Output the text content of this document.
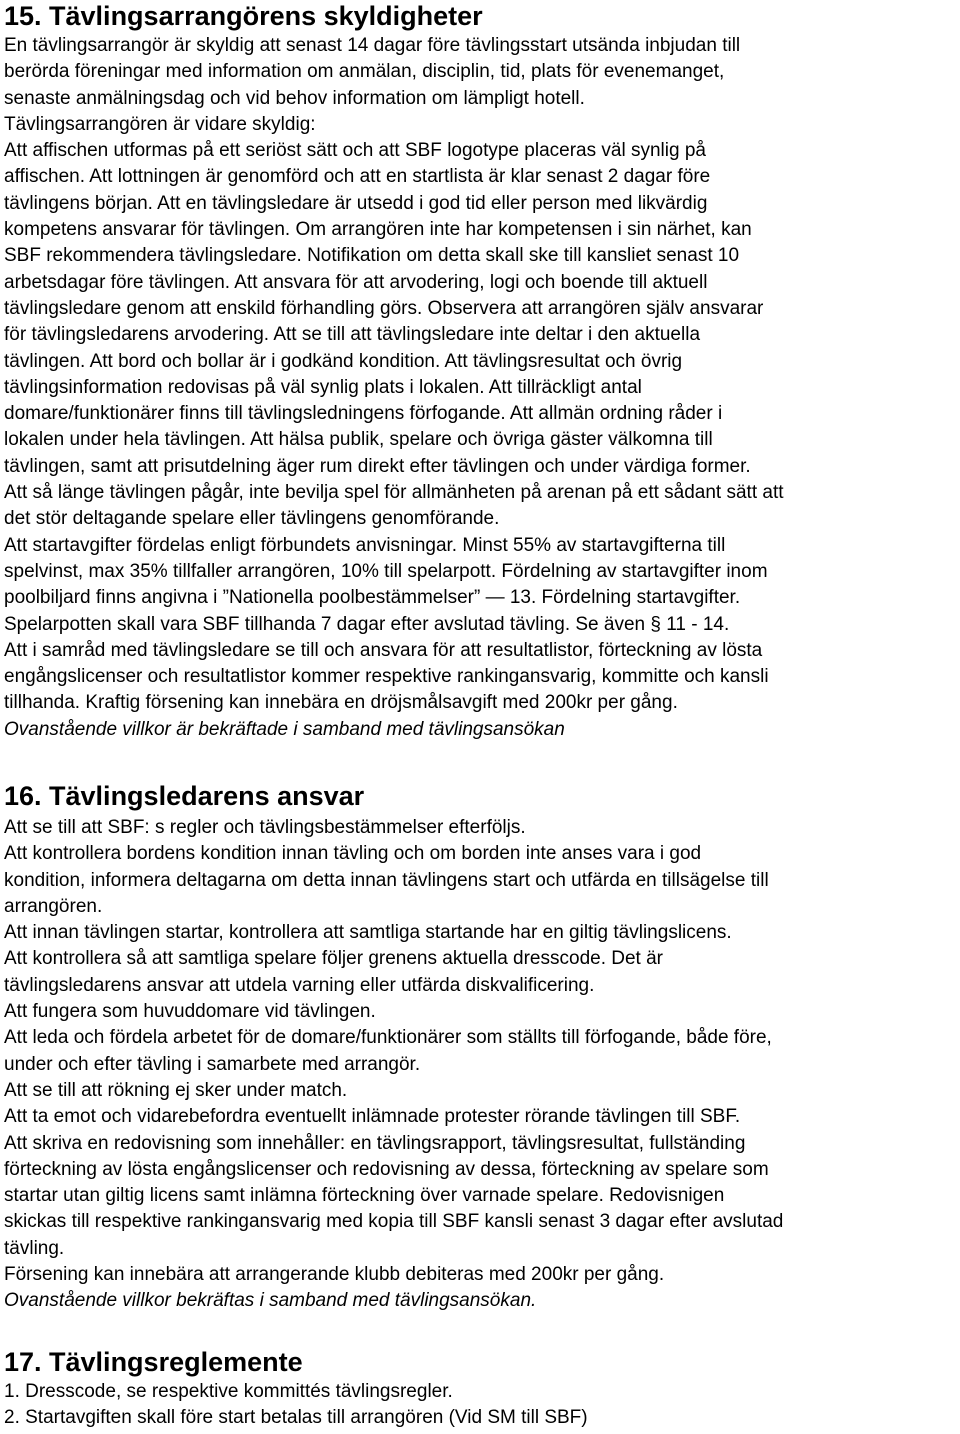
15. Tävlingsarrangörens skyldigheter

En tävlingsarrangör är skyldig att senast 14 dagar före tävlingsstart utsända inbjudan till
berörda föreningar med information om anmälan, disciplin, tid, plats för evenemanget,
senaste anmälningsdag och vid behov information om lämpligt hotell.
Tävlingsarrangören är vidare skyldig:
Att affischen utformas på ett seriöst sätt och att SBF logotype placeras väl synlig på
affischen. Att lottningen är genomförd och att en startlista är klar senast 2 dagar före
tävlingens början. Att en tävlingsledare är utsedd i god tid eller person med likvärdig
kompetens ansvarar för tävlingen. Om arrangören inte har kompetensen i sin närhet, kan
SBF rekommendera tävlingsledare. Notifikation om detta skall ske till kansliet senast 10
arbetsdagar före tävlingen. Att ansvara för att arvodering, logi och boende till aktuell
tävlingsledare genom att enskild förhandling görs. Observera att arrangören själv ansvarar
för tävlingsledarens arvodering. Att se till att tävlingsledare inte deltar i den aktuella
tävlingen. Att bord och bollar är i godkänd kondition. Att tävlingsresultat och övrig
tävlingsinformation redovisas på väl synlig plats i lokalen. Att tillräckligt antal
domare/funktionärer finns till tävlingsledningens förfogande. Att allmän ordning råder i
lokalen under hela tävlingen. Att hälsa publik, spelare och övriga gäster välkomna till
tävlingen, samt att prisutdelning äger rum direkt efter tävlingen och under värdiga former.
Att så länge tävlingen pågår, inte bevilja spel för allmänheten på arenan på ett sådant sätt att
det stör deltagande spelare eller tävlingens genomförande.
Att startavgifter fördelas enligt förbundets anvisningar. Minst 55% av startavgifterna till
spelvinst, max 35% tillfaller arrangören, 10% till spelarpott. Fördelning av startavgifter inom
poolbiljard finns angivna i ”Nationella poolbestämmelser” — 13. Fördelning startavgifter.
Spelarpotten skall vara SBF tillhanda 7 dagar efter avslutad tävling. Se även § 11 - 14.
Att i samråd med tävlingsledare se till och ansvara för att resultatlistor, förteckning av lösta
engångslicenser och resultatlistor kommer respektive rankingansvarig, kommitte och kansli
tillhanda. Kraftig försening kan innebära en dröjsmålsavgift med 200kr per gång.

Ovanstående villkor är bekräftade i samband med tävlingsansökan

16. Tävlingsledarens ansvar

Att se till att SBF: s regler och tävlingsbestämmelser efterföljs.
Att kontrollera bordens kondition innan tävling och om borden inte anses vara i god
kondition, informera deltagarna om detta innan tävlingens start och utfärda en tillsägelse till
arrangören.
Att innan tävlingen startar, kontrollera att samtliga startande har en giltig tävlingslicens.
Att kontrollera så att samtliga spelare följer grenens aktuella dresscode. Det är
tävlingsledarens ansvar att utdela varning eller utfärda diskvalificering.
Att fungera som huvuddomare vid tävlingen.
Att leda och fördela arbetet för de domare/funktionärer som ställts till förfogande, både före,
under och efter tävling i samarbete med arrangör.
Att se till att rökning ej sker under match.
Att ta emot och vidarebefordra eventuellt inlämnade protester rörande tävlingen till SBF.
Att skriva en redovisning som innehåller: en tävlingsrapport, tävlingsresultat, fullständing
förteckning av lösta engångslicenser och redovisning av dessa, förteckning av spelare som
startar utan giltig licens samt inlämna förteckning över varnade spelare. Redovisnigen
skickas till respektive rankingansvarig med kopia till SBF kansli senast 3 dagar efter avslutad
tävling.
Försening kan innebära att arrangerande klubb debiteras med 200kr per gång.

Ovanstående villkor bekräftas i samband med tävlingsansökan.

17. Tävlingsreglemente

1. Dresscode, se respektive kommittés tävlingsregler.

2. Startavgiften skall före start betalas till arrangören (Vid SM till SBF)
